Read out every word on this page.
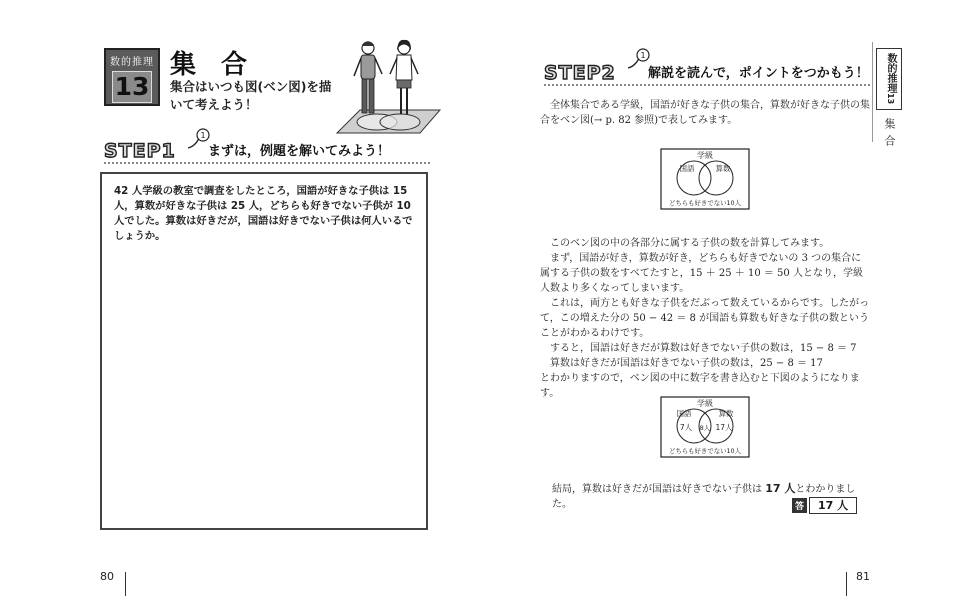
数的推理
13
集 合
集合はいつも図(ベン図)を描いて考えよう！
STEP1
1
まずは，例題を解いてみよう！
42 人学級の教室で調査をしたところ，国語が好きな子供は 15 人，算数が好きな子供は 25 人，どちらも好きでない子供が 10 人でした。算数は好きだが，国語は好きでない子供は何人いるでしょうか。
80
STEP2
1
解説を読んで，ポイントをつかもう！

全体集合である学級，国語が好きな子供の集合，算数が好きな子供の集合をベン図(→ p. 82 参照)で表してみます。

学級
国語	算数
どちらも好きでない10人

このベン図の中の各部分に属する子供の数を計算してみます。

まず，国語が好き，算数が好き，どちらも好きでないの 3 つの集合に属する子供の数をすべてたすと，15 ＋ 25 ＋ 10 ＝ 50 人となり，学級人数より多くなってしまいます。

これは，両方とも好きな子供をだぶって数えているからです。したがって，この増えた分の 50 − 42 ＝ 8 が国語も算数も好きな子供の数ということがわかるわけです。

すると，国語は好きだが算数は好きでない子供の数は，15 − 8 ＝ 7

算数は好きだが国語は好きでない子供の数は，25 − 8 ＝ 17

とわかりますので，ベン図の中に数字を書き込むと下図のようになります。

学級
国語	算数
7人 8人 17人
どちらも好きでない10人
結局，算数は好きだが国語は好きでない子供は 17 人とわかりました。	答	17 人
数的推理13
集合
81
